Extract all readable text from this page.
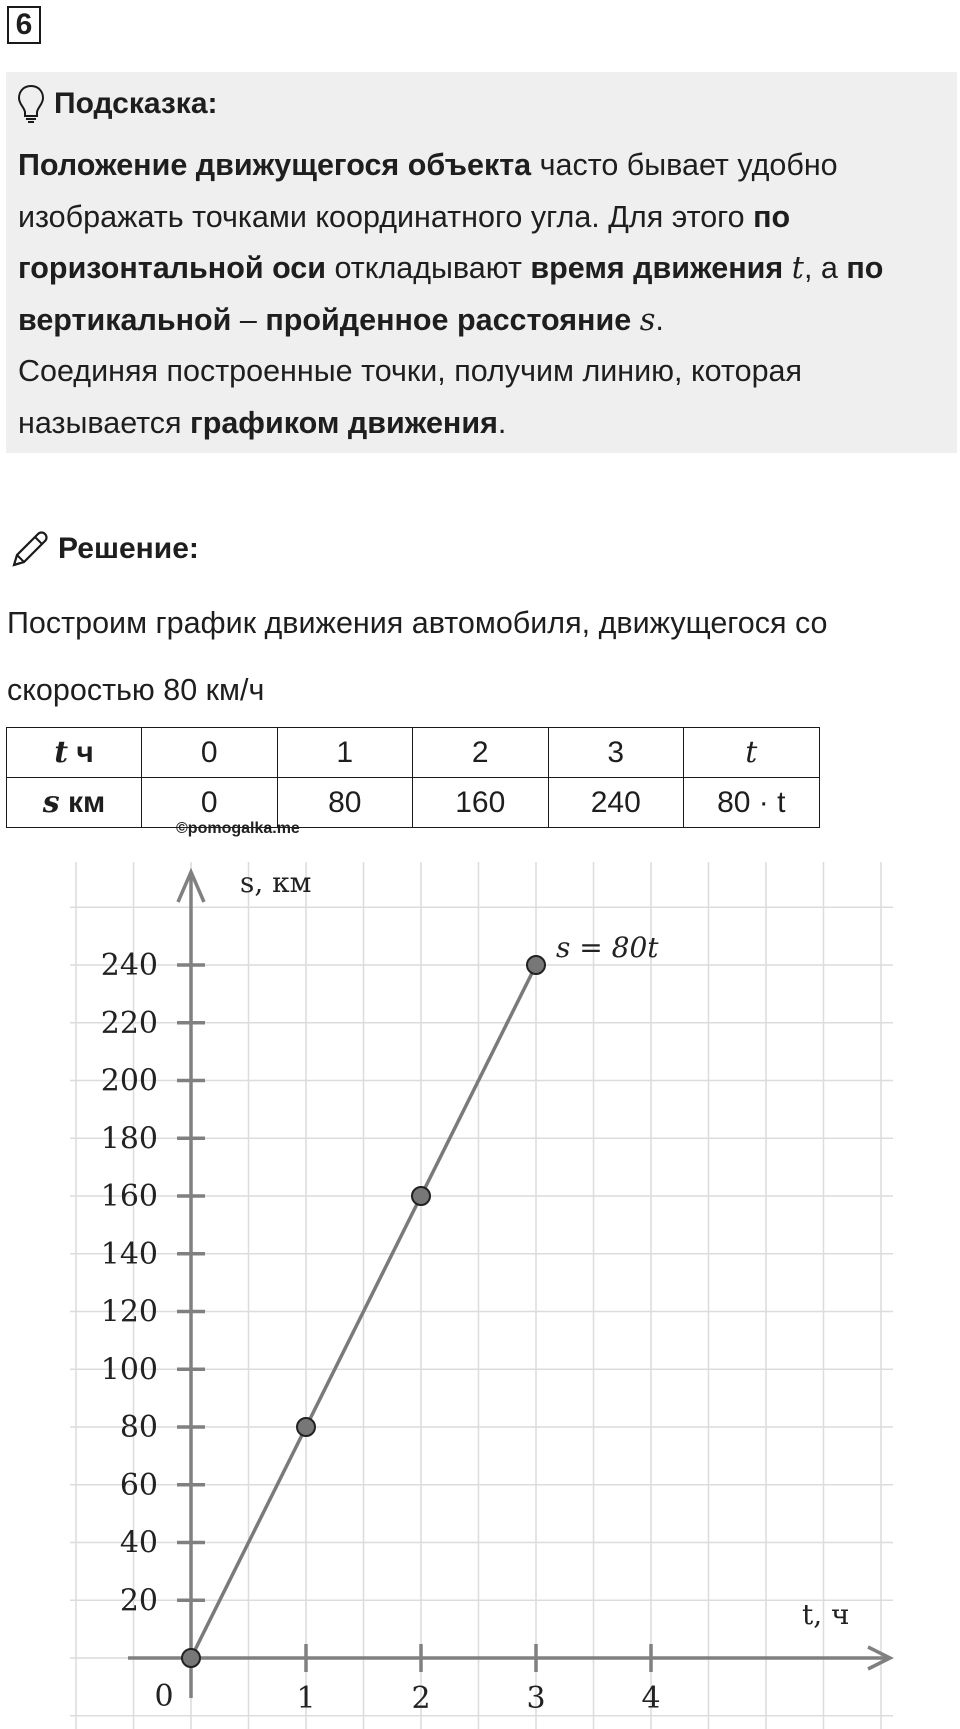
6
Подсказка:
Положение движущегося объекта часто бывает удобно изображать точками координатного угла. Для этого по горизонтальной оси откладывают время движения t, а по вертикальной – пройденное расстояние s.
Соединяя построенные точки, получим линию, которая называется графиком движения.
Решение:
Построим график движения автомобиля, движущегося со скоростью 80 км/ч
t ч	0	1	2	3	t
s км	0	80	160	240	80 · t
©pomogalka.me
1	2	3	4
0
20
40
60
80
100
120
140
160
180
200
220
240
s, км
t, ч
s = 80t
